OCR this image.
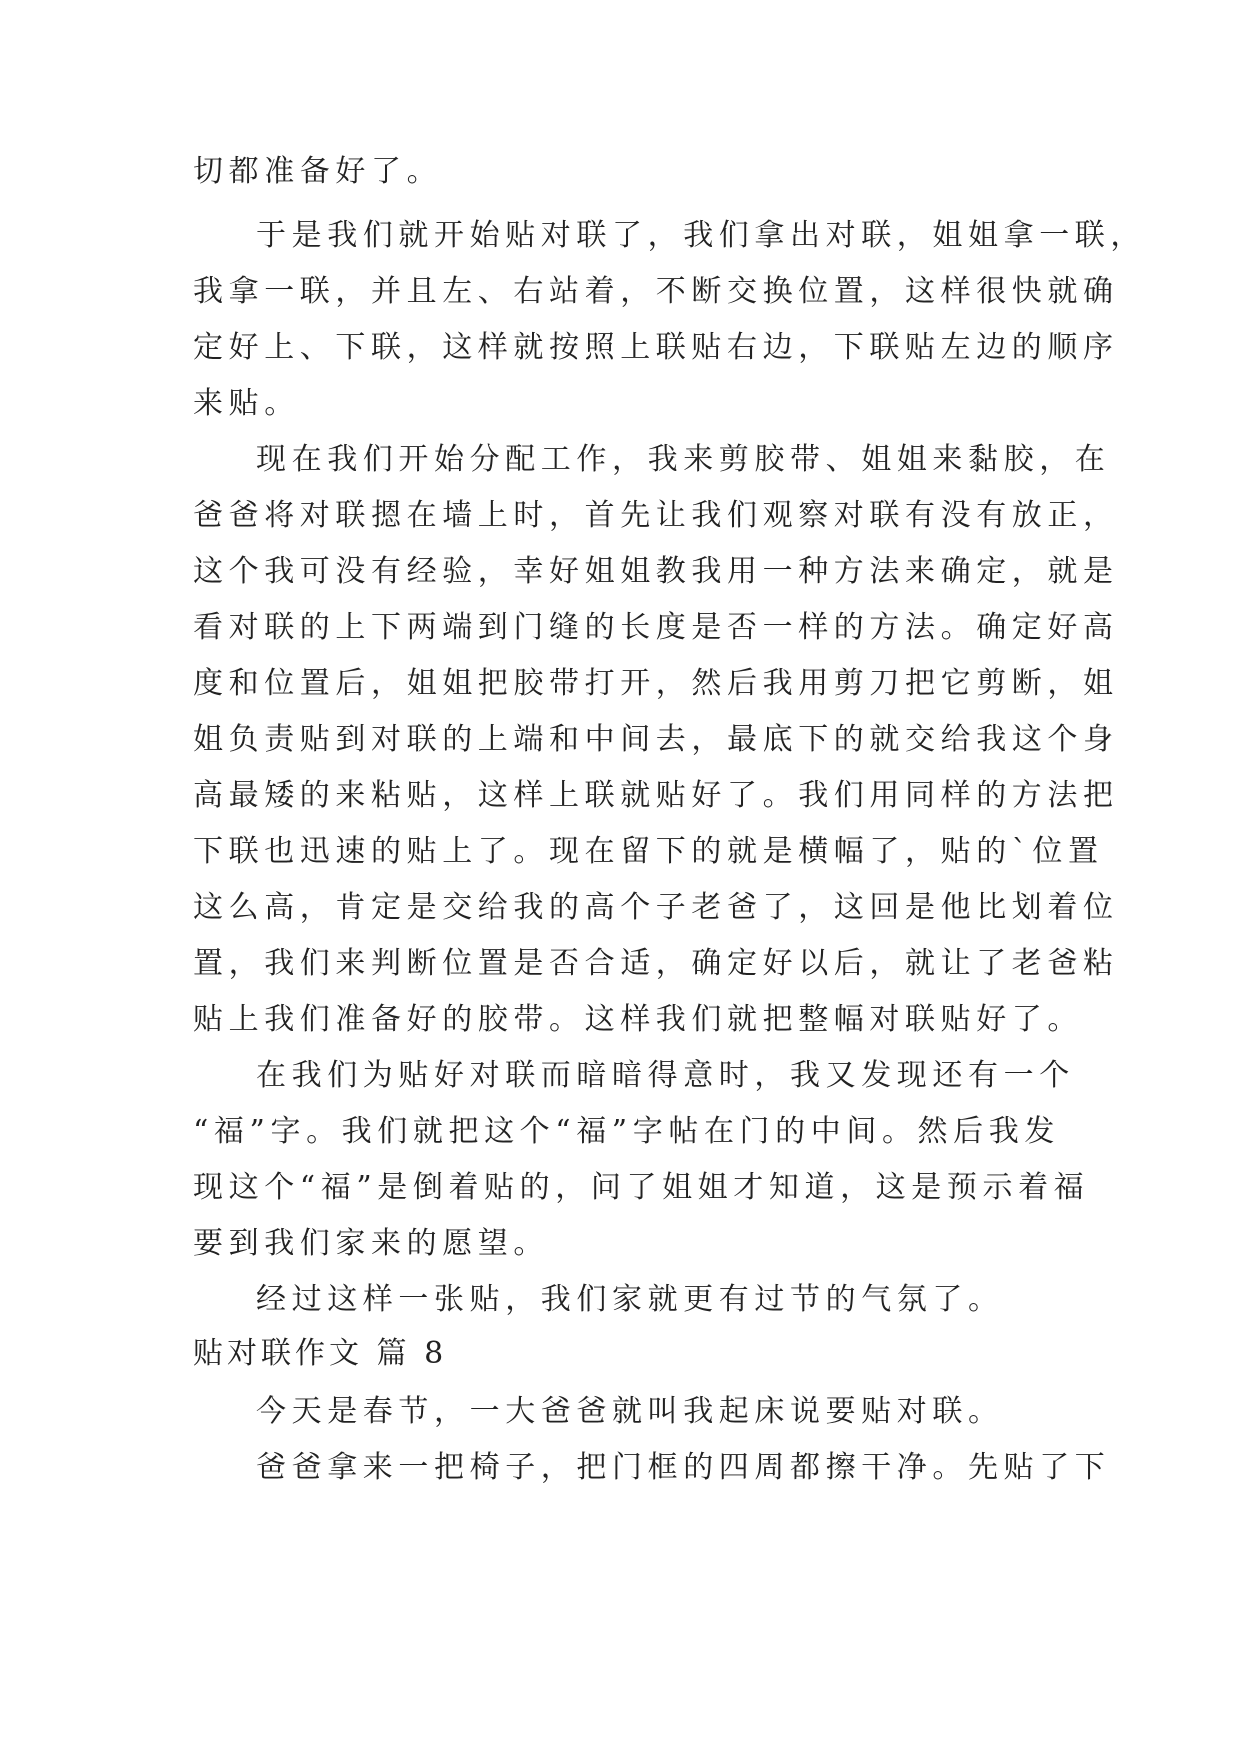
切都准备好了。
于是我们就开始贴对联了，我们拿出对联，姐姐拿一联，
我拿一联，并且左、右站着，不断交换位置，这样很快就确
定好上、下联，这样就按照上联贴右边，下联贴左边的顺序
来贴。
现在我们开始分配工作，我来剪胶带、姐姐来黏胶，在
爸爸将对联摁在墙上时，首先让我们观察对联有没有放正，
这个我可没有经验，幸好姐姐教我用一种方法来确定，就是
看对联的上下两端到门缝的长度是否一样的方法。确定好高
度和位置后，姐姐把胶带打开，然后我用剪刀把它剪断，姐
姐负责贴到对联的上端和中间去，最底下的就交给我这个身
高最矮的来粘贴，这样上联就贴好了。我们用同样的方法把
下联也迅速的贴上了。现在留下的就是横幅了，贴的`位置
这么高，肯定是交给我的高个子老爸了，这回是他比划着位
置，我们来判断位置是否合适，确定好以后，就让了老爸粘
贴上我们准备好的胶带。这样我们就把整幅对联贴好了。
在我们为贴好对联而暗暗得意时，我又发现还有一个
“福”字。我们就把这个“福”字帖在门的中间。然后我发
现这个“福”是倒着贴的，问了姐姐才知道，这是预示着福
要到我们家来的愿望。
经过这样一张贴，我们家就更有过节的气氛了。
贴对联作文 篇 8
今天是春节，一大爸爸就叫我起床说要贴对联。
爸爸拿来一把椅子，把门框的四周都擦干净。先贴了下
